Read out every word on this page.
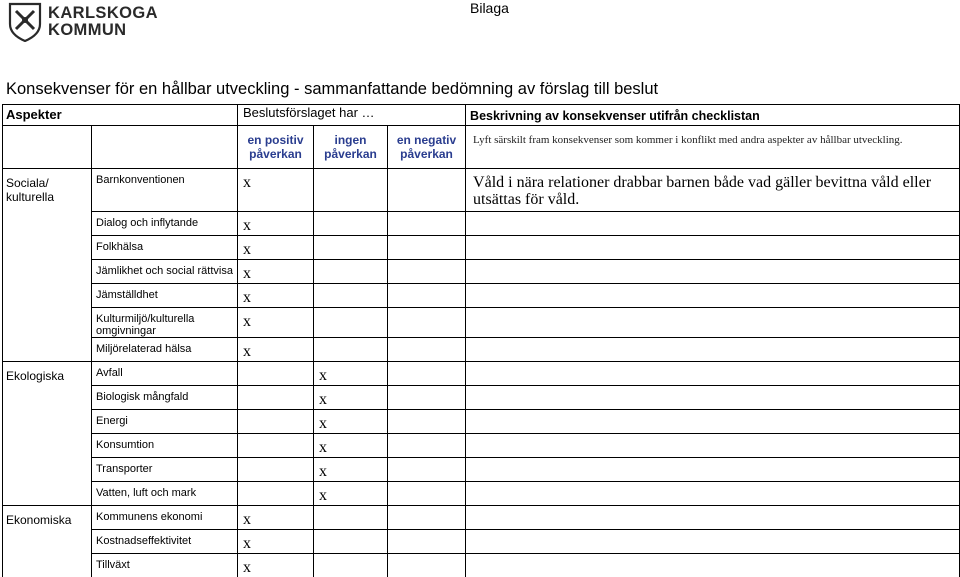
KARLSKOGA
KOMMUN
Bilaga
Konsekvenser för en hållbar utveckling - sammanfattande bedömning av förslag till beslut
Aspekter		Beslutsförslaget har …			Beskrivning av konsekvenser utifrån checklistan
		en positiv påverkan	ingen påverkan	en negativ påverkan	Lyft särskilt fram konsekvenser som kommer i konflikt med andra aspekter av hållbar utveckling.
Sociala/ kulturella	Barnkonventionen	x			Våld i nära relationer drabbar barnen både vad gäller bevittna våld eller utsättas för våld.
	Dialog och inflytande	x			
	Folkhälsa	x			
	Jämlikhet och social rättvisa	x			
	Jämställdhet	x			
	Kulturmiljö/kulturella omgivningar	x			
	Miljörelaterad hälsa	x			
Ekologiska	Avfall		x		
	Biologisk mångfald		x		
	Energi		x		
	Konsumtion		x		
	Transporter		x		
	Vatten, luft och mark		x		
Ekonomiska	Kommunens ekonomi	x			
	Kostnadseffektivitet	x			
	Tillväxt	x			
